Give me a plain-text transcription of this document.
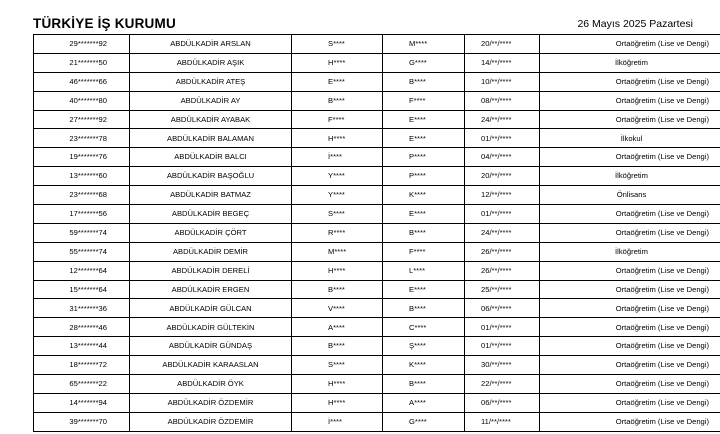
TÜRKİYE İŞ KURUMU	26 Mayıs 2025 Pazartesi
29*******92	ABDÜLKADİR ARSLAN	S****	M****	20/**/****	Ortaöğretim (Lise ve Dengi)
21*******50	ABDÜLKADİR AŞIK	H****	G****	14/**/****	İlköğretim
46*******66	ABDÜLKADİR ATEŞ	E****	B****	10/**/****	Ortaöğretim (Lise ve Dengi)
40*******80	ABDÜLKADİR AY	B****	F****	08/**/****	Ortaöğretim (Lise ve Dengi)
27*******92	ABDÜLKADİR AYABAK	F****	E****	24/**/****	Ortaöğretim (Lise ve Dengi)
23*******78	ABDÜLKADİR BALAMAN	H****	E****	01/**/****	İlkokul
19*******76	ABDÜLKADİR BALCI	İ****	P****	04/**/****	Ortaöğretim (Lise ve Dengi)
13*******60	ABDÜLKADİR BAŞOĞLU	Y****	P****	20/**/****	İlköğretim
23*******68	ABDÜLKADİR BATMAZ	Y****	K****	12/**/****	Önlisans
17*******56	ABDÜLKADİR BEGEÇ	S****	E****	01/**/****	Ortaöğretim (Lise ve Dengi)
59*******74	ABDÜLKADİR ÇÖRT	R****	B****	24/**/****	Ortaöğretim (Lise ve Dengi)
55*******74	ABDÜLKADİR DEMİR	M****	F****	26/**/****	İlköğretim
12*******64	ABDÜLKADİR DERELİ	H****	L****	26/**/****	Ortaöğretim (Lise ve Dengi)
15*******64	ABDÜLKADİR ERGEN	B****	E****	25/**/****	Ortaöğretim (Lise ve Dengi)
31*******36	ABDÜLKADİR GÜLCAN	V****	B****	06/**/****	Ortaöğretim (Lise ve Dengi)
28*******46	ABDÜLKADİR GÜLTEKİN	A****	C****	01/**/****	Ortaöğretim (Lise ve Dengi)
13*******44	ABDÜLKADİR GÜNDAŞ	B****	Ş****	01/**/****	Ortaöğretim (Lise ve Dengi)
18*******72	ABDÜLKADİR KARAASLAN	S****	K****	30/**/****	Ortaöğretim (Lise ve Dengi)
65*******22	ABDÜLKADİR ÖYK	H****	B****	22/**/****	Ortaöğretim (Lise ve Dengi)
14*******94	ABDÜLKADİR ÖZDEMİR	H****	A****	06/**/****	Ortaöğretim (Lise ve Dengi)
39*******70	ABDÜLKADİR ÖZDEMİR	İ****	G****	11/**/****	Ortaöğretim (Lise ve Dengi)
